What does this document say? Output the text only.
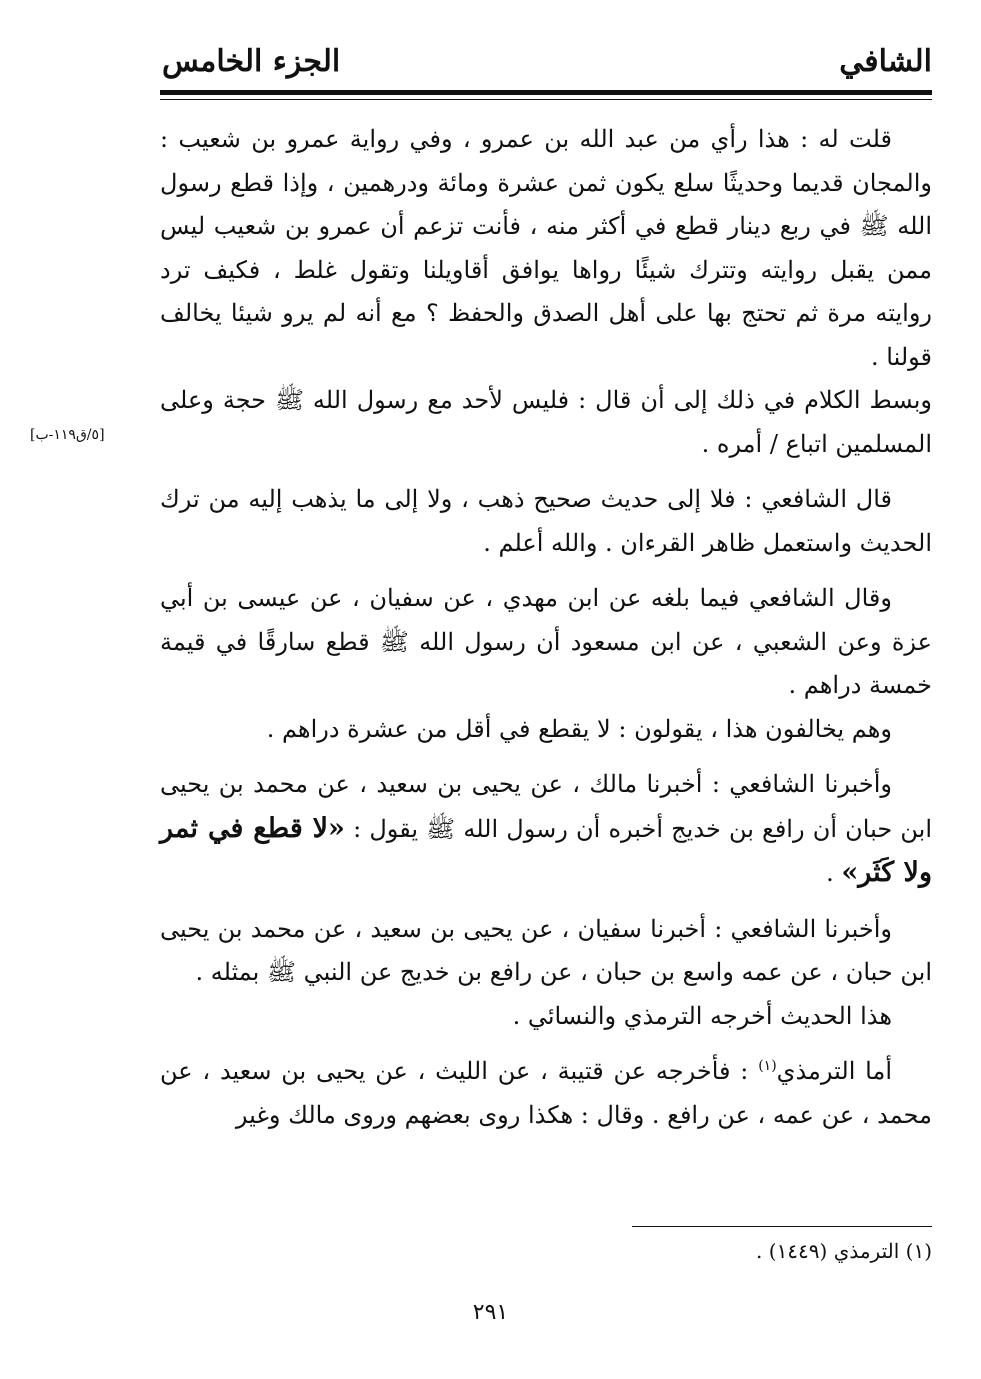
الشافي
الجزء الخامس
[٥/ق١١٩-ب]

قلت له : هذا رأي من عبد الله بن عمرو ، وفي رواية عمرو بن شعيب : والمجان قديما وحديثًا سلع يكون ثمن عشرة ومائة ودرهمين ، وإذا قطع رسول الله ﷺ في ربع دينار قطع في أكثر منه ، فأنت تزعم أن عمرو بن شعيب ليس ممن يقبل روايته وتترك شيئًا رواها يوافق أقاويلنا وتقول غلط ، فكيف ترد روايته مرة ثم تحتج بها على أهل الصدق والحفظ ؟ مع أنه لم يرو شيئا يخالف قولنا .

وبسط الكلام في ذلك إلى أن قال : فليس لأحد مع رسول الله ﷺ حجة وعلى المسلمين اتباع / أمره .

قال الشافعي : فلا إلى حديث صحيح ذهب ، ولا إلى ما يذهب إليه من ترك الحديث واستعمل ظاهر القرءان . والله أعلم .

وقال الشافعي فيما بلغه عن ابن مهدي ، عن سفيان ، عن عيسى بن أبي عزة وعن الشعبي ، عن ابن مسعود أن رسول الله ﷺ قطع سارقًا في قيمة خمسة دراهم .

وهم يخالفون هذا ، يقولون : لا يقطع في أقل من عشرة دراهم .

وأخبرنا الشافعي : أخبرنا مالك ، عن يحيى بن سعيد ، عن محمد بن يحيى ابن حبان أن رافع بن خديج أخبره أن رسول الله ﷺ يقول : «لا قطع في ثمر ولا كَثَر» .

وأخبرنا الشافعي : أخبرنا سفيان ، عن يحيى بن سعيد ، عن محمد بن يحيى ابن حبان ، عن عمه واسع بن حبان ، عن رافع بن خديج عن النبي ﷺ بمثله .

هذا الحديث أخرجه الترمذي والنسائي .

أما الترمذي$^{(١)}$ : فأخرجه عن قتيبة ، عن الليث ، عن يحيى بن سعيد ، عن محمد ، عن عمه ، عن رافع . وقال : هكذا روى بعضهم وروى مالك وغير

(١) الترمذي (١٤٤٩) .
٢٩١
